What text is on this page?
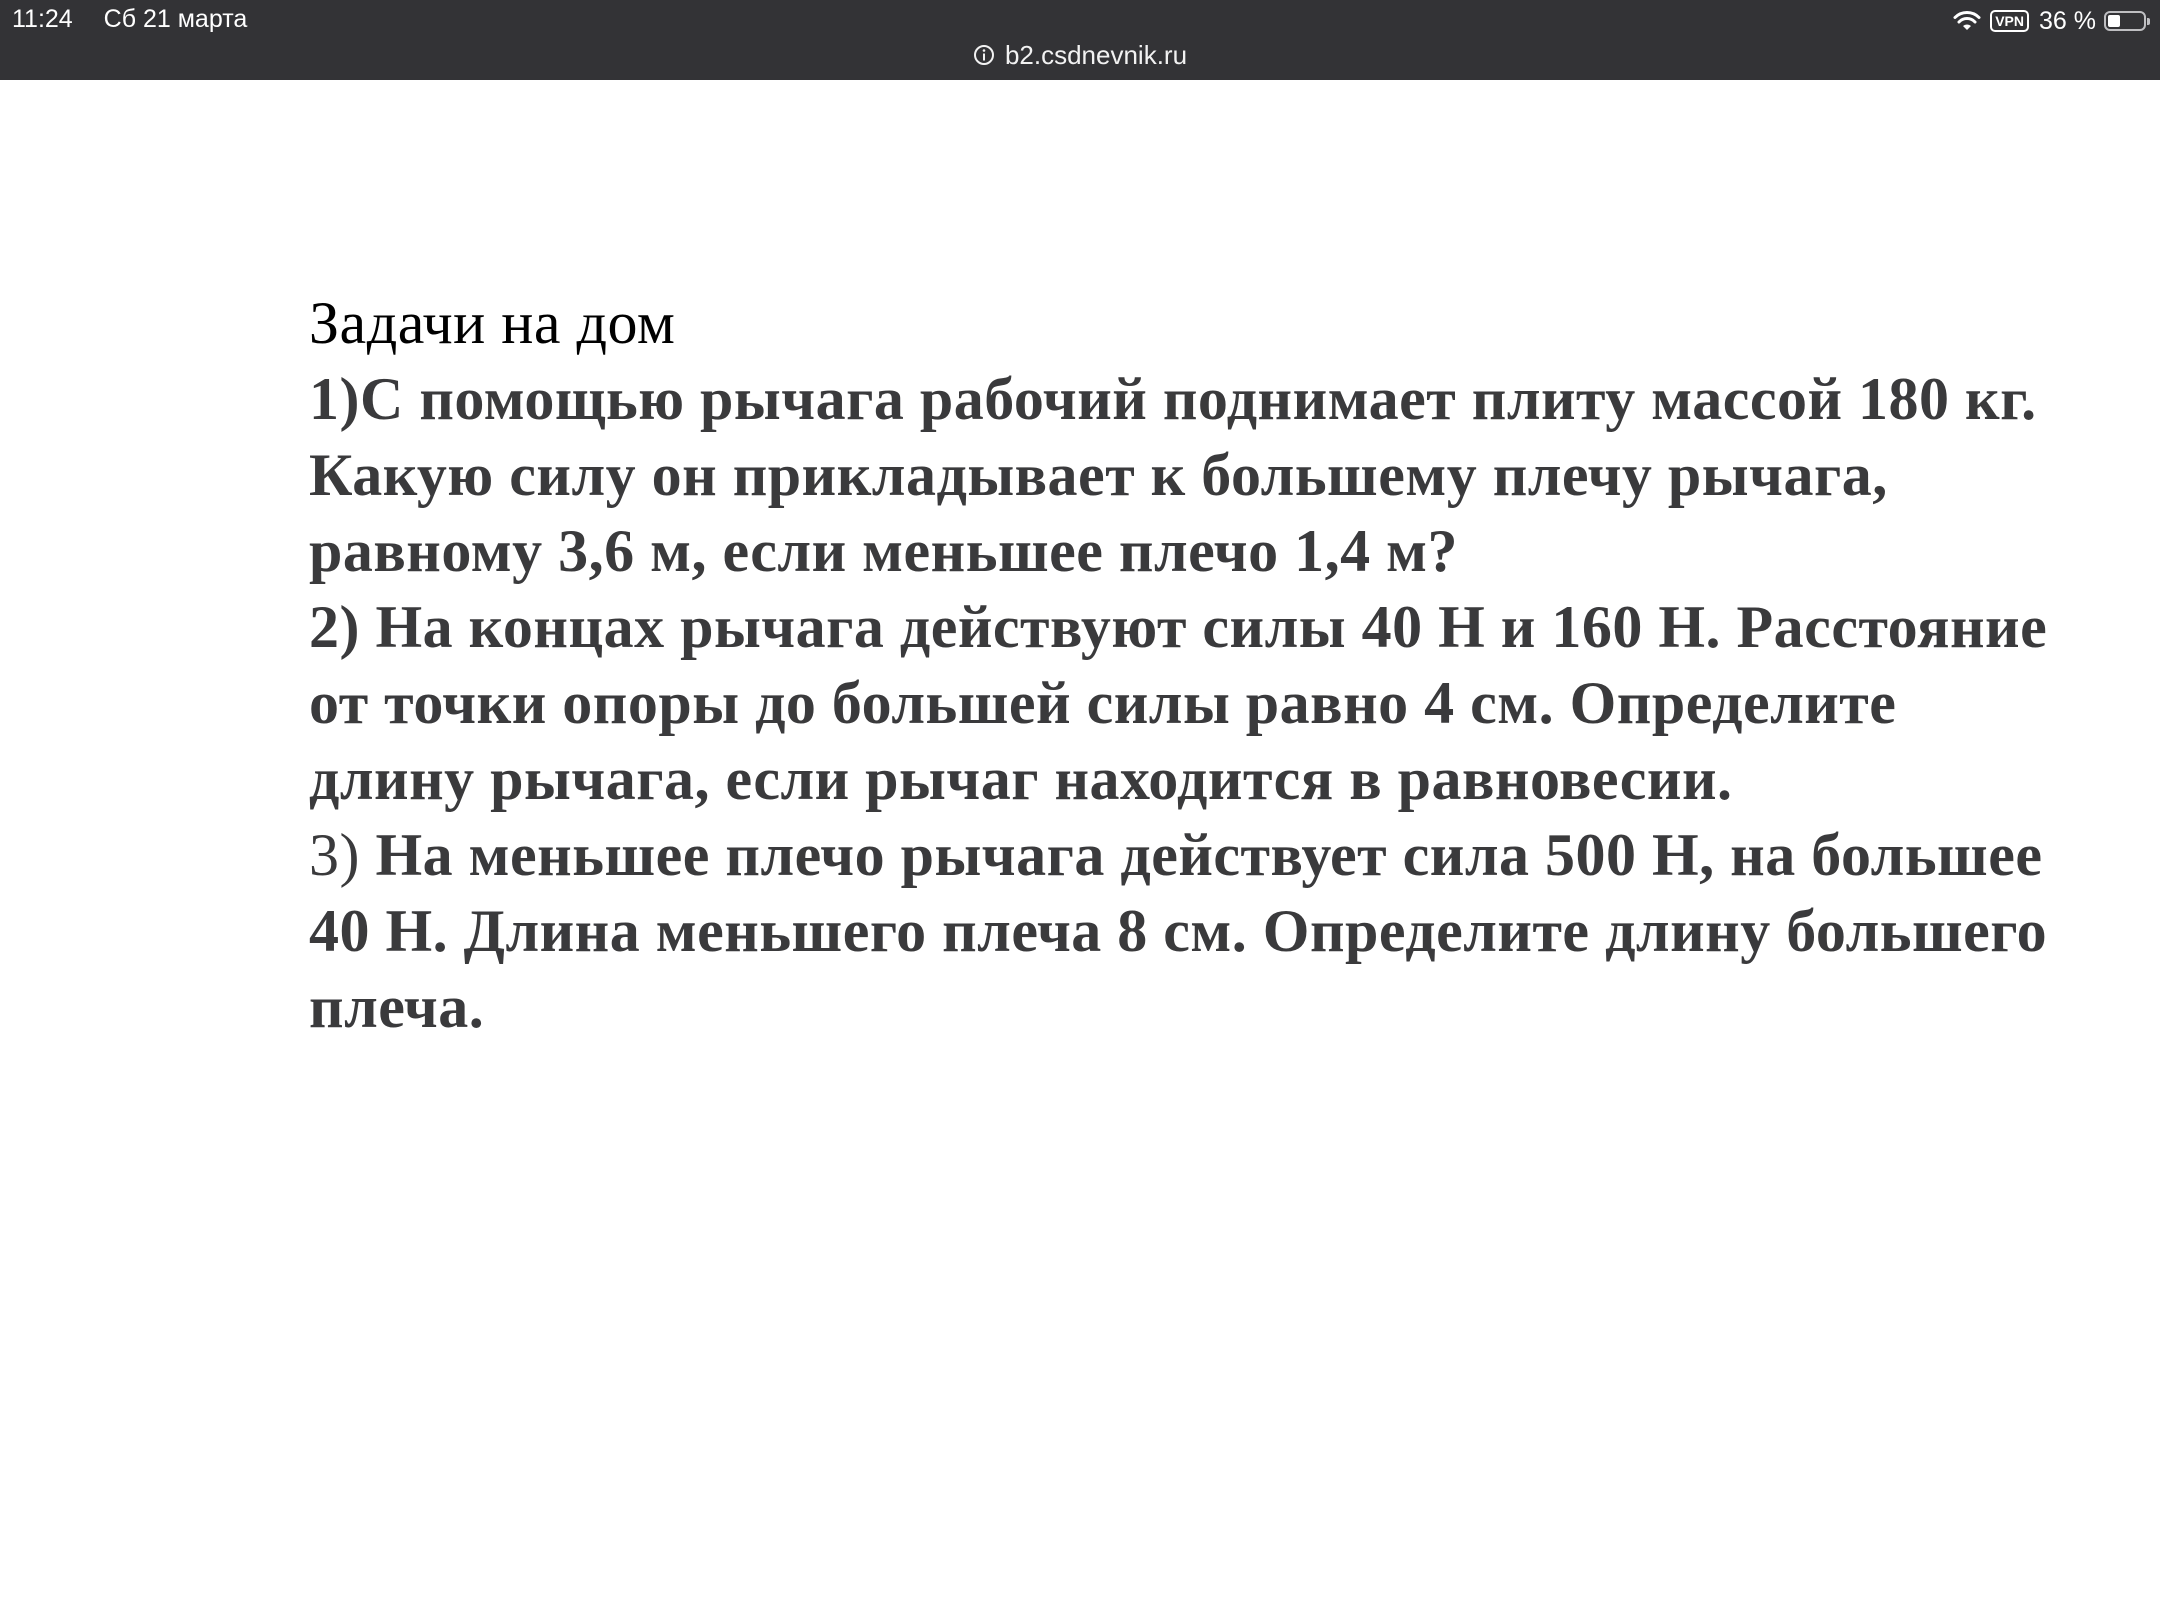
11:24 Сб 21 марта	VPN 36 %
b2.csdnevnik.ru
Задачи на дом
1)С помощью рычага рабочий поднимает плиту массой 180 кг. Какую силу он прикладывает к большему плечу рычага, равному 3,6 м, если меньшее плечо 1,4 м?
2) На концах рычага действуют силы 40 Н и 160 Н. Расстояние от точки опоры до большей силы равно 4 см. Определите длину рычага, если рычаг находится в равновесии.
3) На меньшее плечо рычага действует сила 500 Н, на большее 40 Н. Длина меньшего плеча 8 см. Определите длину большего плеча.
